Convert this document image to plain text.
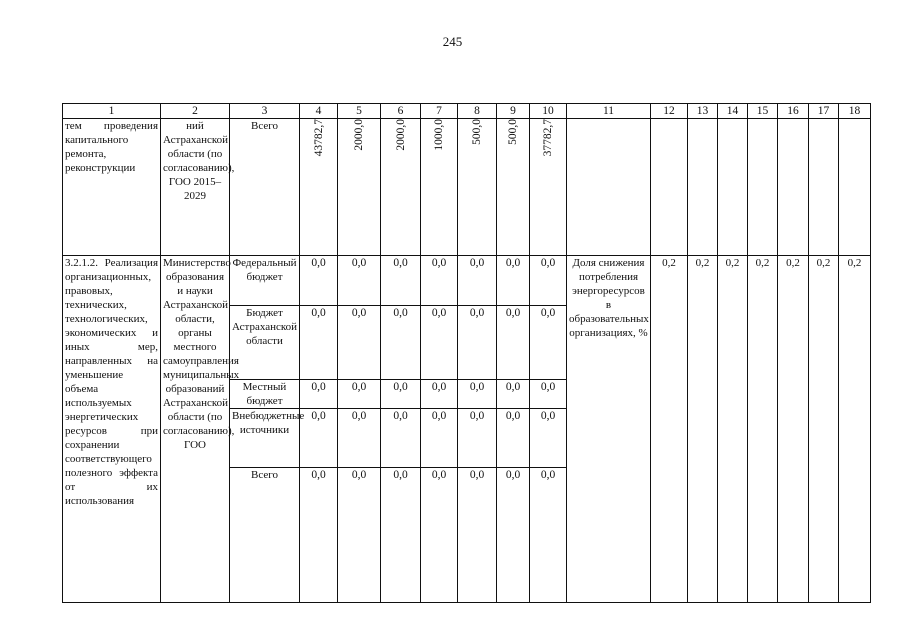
245
1	2	3	4	5	6	7	8	9	10	11	12	13	14	15	16	17	18
тем проведения капитального ремонта, реконструкции	ний Астраханской области (по согласованию), ГОО 2015–2029	Всего	43782,7	2000,0	2000,0	1000,0	500,0	500,0	37782,7								

3.2.1.2. Реализация организационных, правовых, технических, технологических, экономических и иных мер, направленных на уменьшение объема используемых энергетических ресурсов при сохранении соответствующего полезного эффекта от их использования	Министерство образования и науки Астраханской области, органы местного самоуправления муниципальных образований Астраханской области (по согласованию), ГОО	Федеральный бюджет	0,0	0,0	0,0	0,0	0,0	0,0	0,0	Доля снижения потребления энергоресурсов в образовательных организациях, %	0,2	0,2	0,2	0,2	0,2	0,2	0,2
		Бюджет Астраханской области	0,0	0,0	0,0	0,0	0,0	0,0	0,0								
		Местный бюджет	0,0	0,0	0,0	0,0	0,0	0,0	0,0								
		Внебюджетные источники	0,0	0,0	0,0	0,0	0,0	0,0	0,0								
		Всего	0,0	0,0	0,0	0,0	0,0	0,0	0,0								
